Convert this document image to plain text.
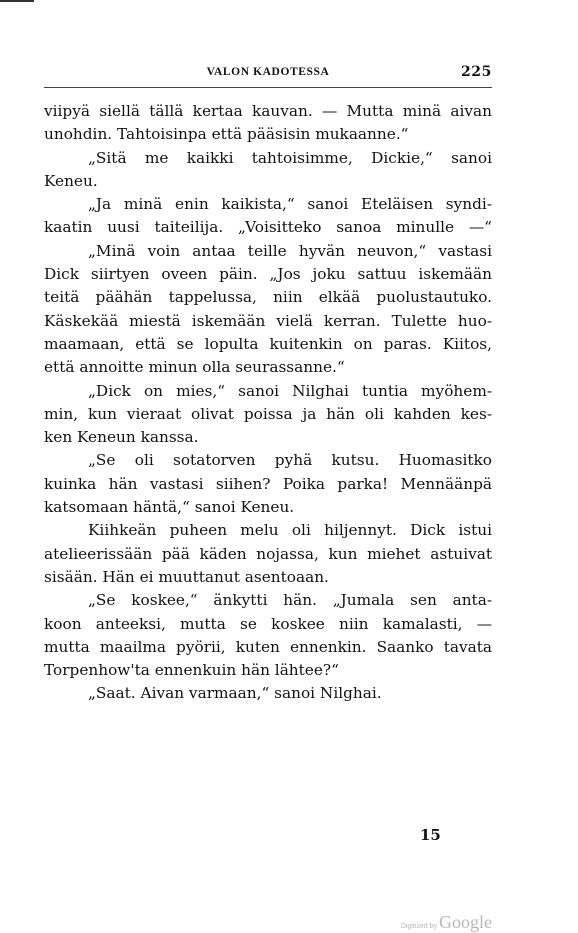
VALON KADOTESSA	225
viipyä siellä tällä kertaa kauvan. — Mutta minä aivan
unohdin. Tahtoisinpa että pääsisin mukaanne.“
„Sitä me kaikki tahtoisimme, Dickie,“ sanoi
Keneu.
„Ja minä enin kaikista,“ sanoi Eteläisen syndi-
kaatin uusi taiteilija. „Voisitteko sanoa minulle —“
„Minä voin antaa teille hyvän neuvon,“ vastasi
Dick siirtyen oveen päin. „Jos joku sattuu iskemään
teitä päähän tappelussa, niin elkää puolustautuko.
Käskekää miestä iskemään vielä kerran. Tulette huo-
maamaan, että se lopulta kuitenkin on paras. Kiitos,
että annoitte minun olla seurassanne.“
„Dick on mies,“ sanoi Nilghai tuntia myöhem-
min, kun vieraat olivat poissa ja hän oli kahden kes-
ken Keneun kanssa.
„Se oli sotatorven pyhä kutsu. Huomasitko
kuinka hän vastasi siihen? Poika parka! Mennäänpä
katsomaan häntä,“ sanoi Keneu.
Kiihkeän puheen melu oli hiljennyt. Dick istui
atelieerissään pää käden nojassa, kun miehet astuivat
sisään. Hän ei muuttanut asentoaan.
„Se koskee,“ änkytti hän. „Jumala sen anta-
koon anteeksi, mutta se koskee niin kamalasti, —
mutta maailma pyörii, kuten ennenkin. Saanko tavata
Torpenhow'ta ennenkuin hän lähtee?“
„Saat. Aivan varmaan,“ sanoi Nilghai.
15
Digitized by Google
